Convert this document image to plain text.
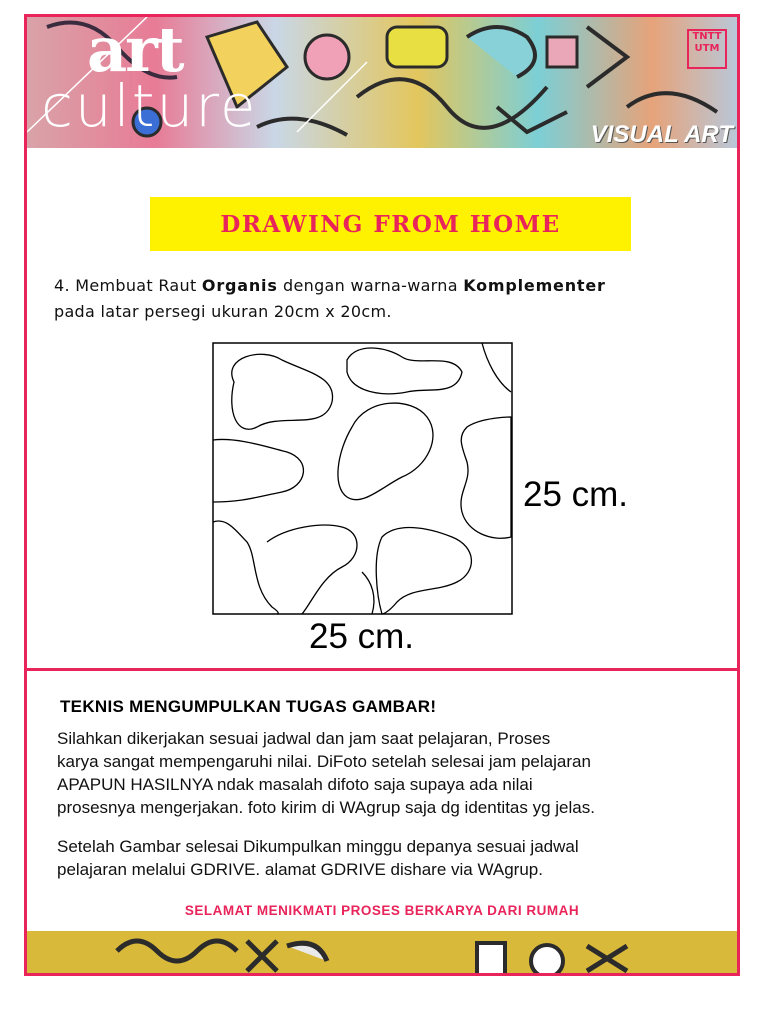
art
culture
TNTT
UTM
VISUAL ART
DRAWING FROM HOME
4. Membuat Raut Organis dengan warna-warna Komplementer
pada latar persegi ukuran 20cm x 20cm.
25 cm.
25 cm.
TEKNIS MENGUMPULKAN TUGAS GAMBAR!
Silahkan dikerjakan sesuai jadwal dan jam saat pelajaran, Proses
karya sangat mempengaruhi nilai. DiFoto setelah selesai jam pelajaran
APAPUN HASILNYA ndak masalah difoto saja supaya ada nilai
prosesnya mengerjakan. foto kirim di WAgrup saja dg identitas yg jelas.
Setelah Gambar selesai Dikumpulkan minggu depanya sesuai jadwal
pelajaran melalui GDRIVE. alamat GDRIVE dishare via WAgrup.
SELAMAT MENIKMATI PROSES BERKARYA DARI RUMAH
